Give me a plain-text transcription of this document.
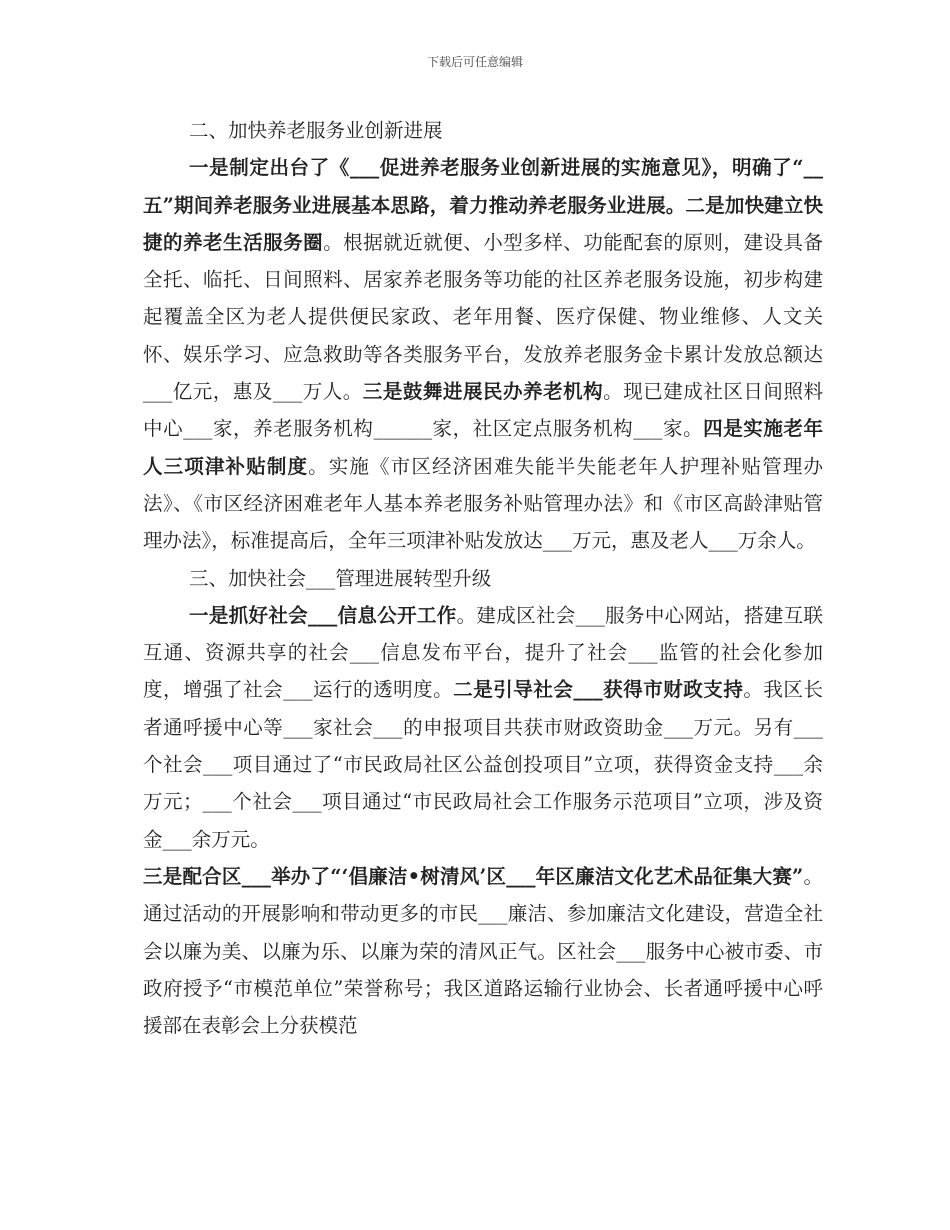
下载后可任意编辑

二、加快养老服务业创新进展

一是制定出台了《___促进养老服务业创新进展的实施意见》，明确了“__五”期间养老服务业进展基本思路，着力推动养老服务业进展。二是加快建立快捷的养老生活服务圈。根据就近就便、小型多样、功能配套的原则，建设具备全托、临托、日间照料、居家养老服务等功能的社区养老服务设施，初步构建起覆盖全区为老人提供便民家政、老年用餐、医疗保健、物业维修、人文关怀、娱乐学习、应急救助等各类服务平台，发放养老服务金卡累计发放总额达___亿元，惠及___万人。三是鼓舞进展民办养老机构。现已建成社区日间照料中心___家，养老服务机构______家，社区定点服务机构___家。四是实施老年人三项津补贴制度。实施《市区经济困难失能半失能老年人护理补贴管理办法》、《市区经济困难老年人基本养老服务补贴管理办法》和《市区高龄津贴管理办法》，标准提高后，全年三项津补贴发放达___万元，惠及老人___万余人。

三、加快社会___管理进展转型升级

一是抓好社会___信息公开工作。建成区社会___服务中心网站，搭建互联互通、资源共享的社会___信息发布平台，提升了社会___监管的社会化参加度，增强了社会___运行的透明度。二是引导社会___获得市财政支持。我区长者通呼援中心等___家社会___的申报项目共获市财政资助金___万元。另有___个社会___项目通过了“市民政局社区公益创投项目”立项，获得资金支持___余万元；___个社会___项目通过“市民政局社会工作服务示范项目”立项，涉及资金___余万元。

三是配合区___举办了“‘倡廉洁•树清风’区___年区廉洁文化艺术品征集大赛”。通过活动的开展影响和带动更多的市民___廉洁、参加廉洁文化建设，营造全社会以廉为美、以廉为乐、以廉为荣的清风正气。区社会___服务中心被市委、市政府授予“市模范单位”荣誉称号；我区道路运输行业协会、长者通呼援中心呼援部在表彰会上分获模范
